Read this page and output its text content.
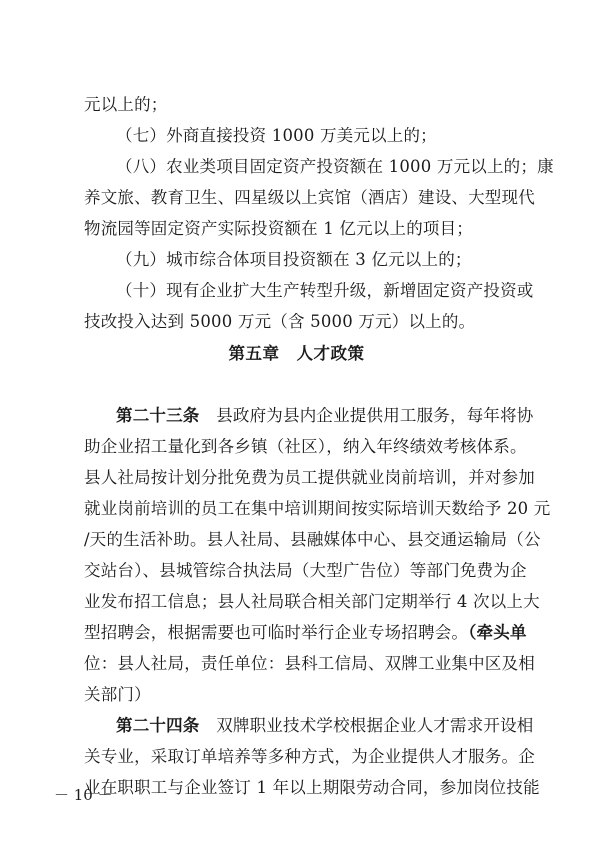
元以上的；
（七）外商直接投资 1000 万美元以上的；
（八）农业类项目固定资产投资额在 1000 万元以上的；康
养文旅、教育卫生、四星级以上宾馆（酒店）建设、大型现代
物流园等固定资产实际投资额在 1 亿元以上的项目；
（九）城市综合体项目投资额在 3 亿元以上的；
（十）现有企业扩大生产转型升级，新增固定资产投资或
技改投入达到 5000 万元（含 5000 万元）以上的。
第五章　人才政策
第二十三条　县政府为县内企业提供用工服务，每年将协
助企业招工量化到各乡镇（社区），纳入年终绩效考核体系。
县人社局按计划分批免费为员工提供就业岗前培训，并对参加
就业岗前培训的员工在集中培训期间按实际培训天数给予 20 元
/天的生活补助。县人社局、县融媒体中心、县交通运输局（公
交站台）、县城管综合执法局（大型广告位）等部门免费为企
业发布招工信息；县人社局联合相关部门定期举行 4 次以上大
型招聘会，根据需要也可临时举行企业专场招聘会。（牵头单
位：县人社局，责任单位：县科工信局、双牌工业集中区及相
关部门）
第二十四条　双牌职业技术学校根据企业人才需求开设相
关专业，采取订单培养等多种方式，为企业提供人才服务。企
业在职职工与企业签订 1 年以上期限劳动合同，参加岗位技能
－ 10 －
